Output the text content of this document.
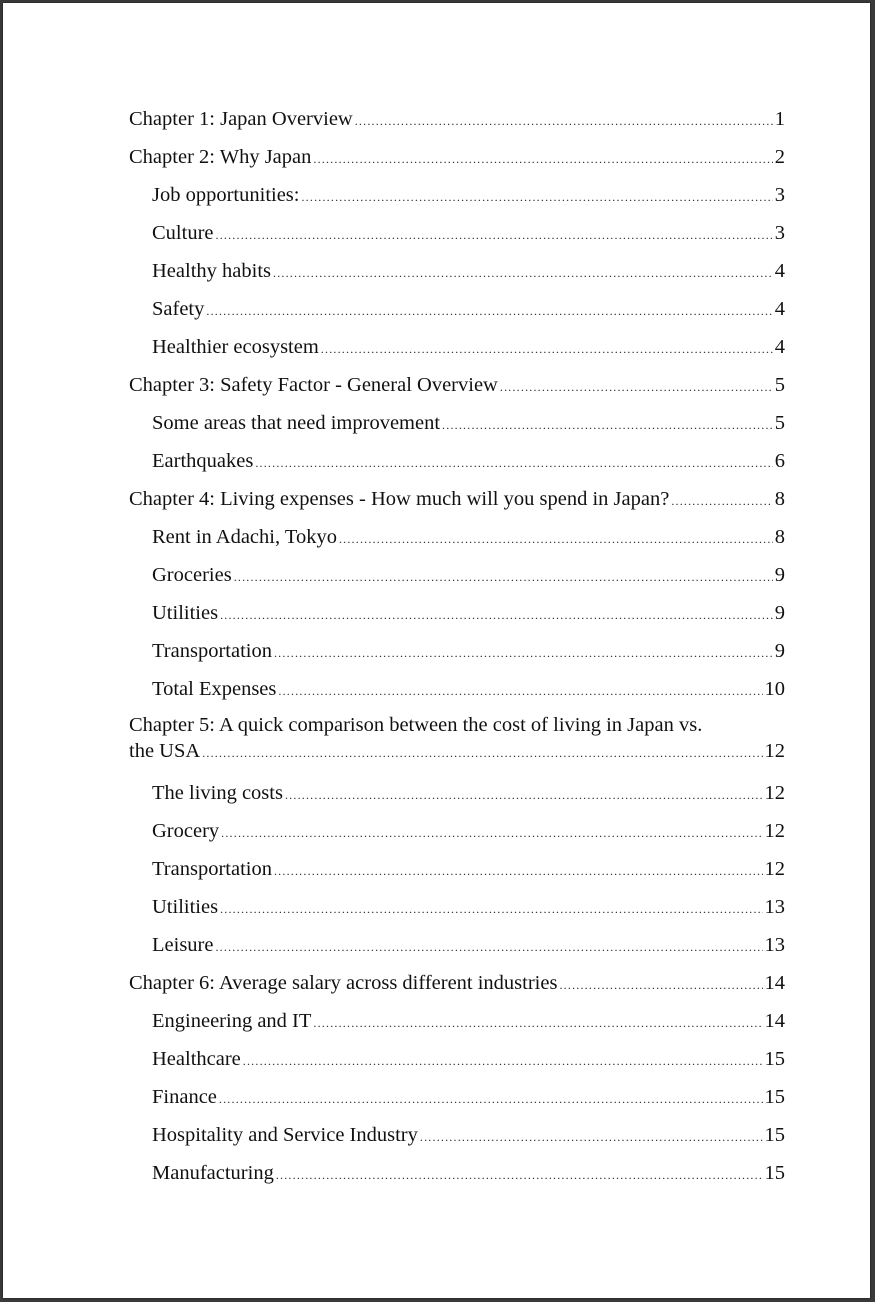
Chapter 1: Japan Overview .....	1
Chapter 2: Why Japan .....	2
Job opportunities: .....	3
Culture .....	3
Healthy habits .....	4
Safety .....	4
Healthier ecosystem .....	4
Chapter 3: Safety Factor - General Overview .....	5
Some areas that need improvement .....	5
Earthquakes .....	6
Chapter 4: Living expenses - How much will you spend in Japan? .....	8
Rent in Adachi, Tokyo .....	8
Groceries .....	9
Utilities .....	9
Transportation .....	9
Total Expenses .....	10
Chapter 5: A quick comparison between the cost of living in Japan vs.
the USA .....	12
The living costs .....	12
Grocery .....	12
Transportation .....	12
Utilities .....	13
Leisure .....	13
Chapter 6: Average salary across different industries .....	14
Engineering and IT .....	14
Healthcare .....	15
Finance .....	15
Hospitality and Service Industry .....	15
Manufacturing .....	15
